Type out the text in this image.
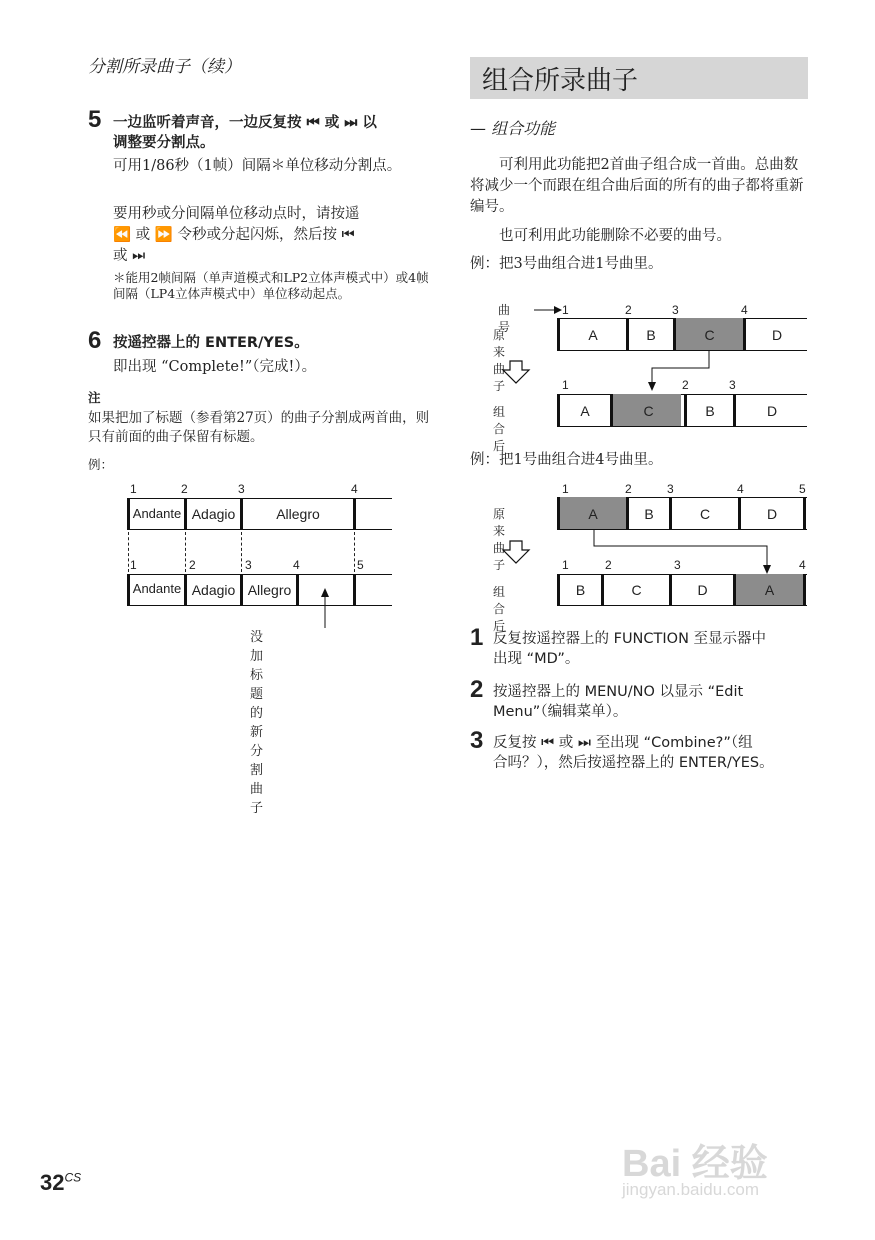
分割所录曲子（续）
5 一边监听着声音，一边反复按 ⏮ 或 ⏭ 以
调整要分割点。
可用1/86秒（1帧）间隔＊单位移动分割点。
要用秒或分间隔单位移动点时，请按遥
⏪ 或 ⏩ 令秒或分起闪烁，然后按 ⏮
或 ⏭
＊能用2帧间隔（单声道模式和LP2立体声模式中）或4帧间隔（LP4立体声模式中）单位移动起点。
6 按遥控器上的 ENTER/YES。
即出现 “Complete!”（完成!）。
注
如果把加了标题（参看第27页）的曲子分割成两首曲，则只有前面的曲子保留有标题。
例：
1	2	3	4
Andante Adagio	Allegro
1	2	3	4	5
Andante Adagio Allegro
没加标题的新分割曲子
$32^{CS}$
组合所录曲子
— 组合功能
可利用此功能把2首曲子组合成一首曲。总曲数将减少一个而跟在组合曲后面的所有的曲子都将重新编号。
也可利用此功能删除不必要的曲号。
例：把3号曲组合进1号曲里。
曲号
1	2	3	4
原来曲子
A	B	C	D
1	2	3
组合后
A	C	B	D
例：把1号曲组合进4号曲里。
1	2	3	4	5
原来曲子
A	B	C	D
1	2	3	4
组合后
B	C	D	A
1 反复按遥控器上的 FUNCTION 至显示器中
出现 “MD”。
2 按遥控器上的 MENU/NO 以显示 “Edit
Menu”（编辑菜单）。
3 反复按 ⏮ 或 ⏭ 至出现 “Combine?”（组
合吗？），然后按遥控器上的 ENTER/YES。
Bai 经验
jingyan.baidu.com
